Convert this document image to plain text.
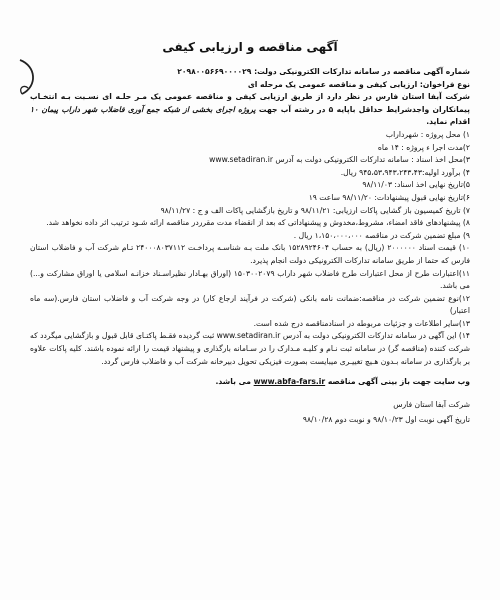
آگهی مناقصه و ارزیابی کیفی

شماره آگهی مناقصه در سامانه تدارکات الکترونیکی دولت: ۲۰۹۸۰۰۵۶۶۹۰۰۰۰۲۹

نوع فراخوان: ارزیابی کیفی و مناقصه عمومی یک مرحله ای

شرکت آبفا استان فارس در نظر دارد از طریق ارزیابی کیفی و مناقصه عمومی یک مـر حلـه ای نسـبت بـه انتخـاب پیمانکاران واجدشرایط حداقل باپایه ۵ در رشته آب جهت پروژه اجرای بخشی از شبکه جمع آوری فاضلاب شهر داراب پیمان ۱۰ اقدام نماید.

۱) محل پروژه : شهرداراب

۲)مدت اجرا ء پروژه : ۱۴ ماه

۳)محل اخذ اسناد : سامانه تدارکات الکترونیکی دولت به آدرس www.setadiran.ir

۴) برآورد اولیه:۹۴۵،۵۳،۹۴۳،۲۴۳،۴۳ ریال.

۵)تاریخ نهایی اخذ اسناد: ۹۸/۱۱/۰۳

۶)تاریخ نهایی قبول پیشنهادات: ۹۸/۱۱/۲۰ ساعت ۱۹

۷) تاریخ کمیسیون باز گشایی پاکات ارزیابی: ۹۸/۱۱/۲۱ و تاریخ بازگشایی پاکات الف و ج : ۹۸/۱۱/۲۷

۸) پیشنهادهای فاقد امضاء، مشروط،مخدوش و پیشنهاداتی که بعد از انقضاء مدت مقرردر مناقصه ارائه شـود ترتیب اثر داده نخواهد شد.

۹) مبلغ تضمین شرکت در مناقصه ۱،۱۵۰،۰۰۰،۰۰۰ ریال .

۱۰) قیمت اسناد ۲۰۰۰۰۰۰ (ریال) به حساب ۱۵۲۸۹۲۴۶۰۴ بانک ملت بـه شناسـه پرداخـت ۲۴۰۰۰۸۰۳۷۱۱۲ تـام شرکت آب و فاضلاب استان فارس که حتما از طریق سامانه تدارکات الکترونیکی دولت انجام پذیرد.

۱۱)اعتبارات طرح از محل اعتبارات طرح فاضلاب شهر داراب ۱۵۰۳۰۰۲۰۷۹ (اوراق بهـادار نظیراسـناد خزانـه اسلامی یا اوراق مشارکت و...) می باشد.

۱۲)نوع تضمین شرکت در مناقصه:ضمانت نامه بانکی (شرکت در فرآیند ارجاع کار) در وجه شرکت آب و فاضلاب استان فارس.(سه ماه اعتبار)

۱۳)سایر اطلاعات و جزئیات مربوطه در اسنادمناقصه درج شده است.

۱۴) این آگهی در سامانه تدارکات الکترونیکی دولت به آدرس www.setadiran.ir ثبت گردیده فقـط پاکتـای قابل قبول و بازگشایی میگردد که شرکت کننده (مناقصه گر) در سامانه ثبت نـام و کلیـه مـدارک را در سـامانه بارگذاری و پیشنهاد قیمت را ارائه نموده باشند. کلیه پاکات علاوه بر بارگذاری در سامانه بـدون هـیچ تغییـری میبایست بصورت فیزیکی تحویل دبیرخانه شرکت آب و فاضلاب فارس گردد.

وب سایت جهت باز بینی آگهی مناقصه www.abfa-fars.ir می باشد.

شرکت آبفا استان فارس

تاریخ آگهی نوبت اول ۹۸/۱۰/۲۳ و نوبت دوم ۹۸/۱۰/۲۸
